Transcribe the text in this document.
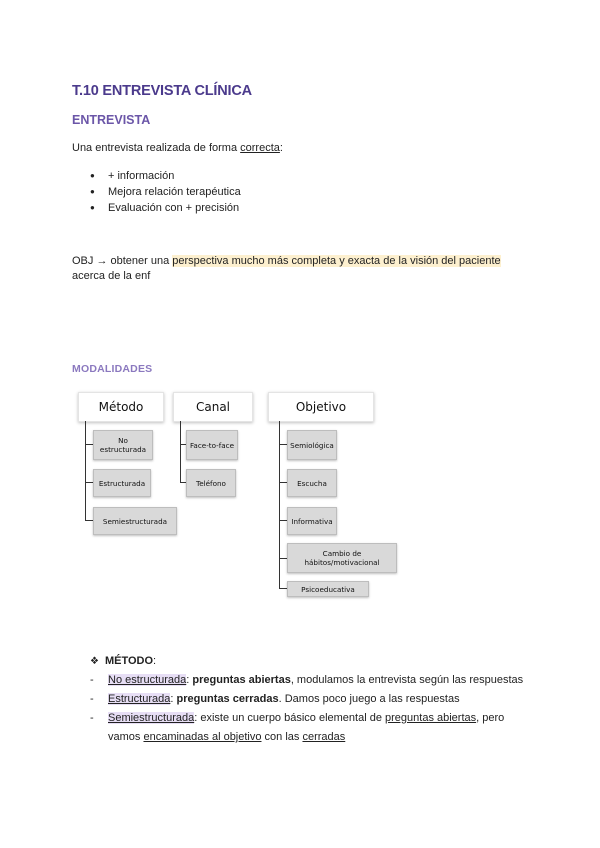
T.10 ENTREVISTA CLÍNICA
ENTREVISTA
Una entrevista realizada de forma correcta:
● + información
● Mejora relación terapéutica
● Evaluación con + precisión
OBJ → obtener una perspectiva mucho más completa y exacta de la visión del paciente
acerca de la enf
MODALIDADES
Método
No estructurada
Estructurada
Semiestructurada
Canal
Face-to-face
Teléfono
Objetivo
Semiológica
Escucha
Informativa
Cambio de hábitos/motivacional
Psicoeducativa
❖ MÉTODO:
- No estructurada: preguntas abiertas, modulamos la entrevista según las respuestas
- Estructurada: preguntas cerradas. Damos poco juego a las respuestas
- Semiestructurada: existe un cuerpo básico elemental de preguntas abiertas, pero
vamos encaminadas al objetivo con las cerradas
